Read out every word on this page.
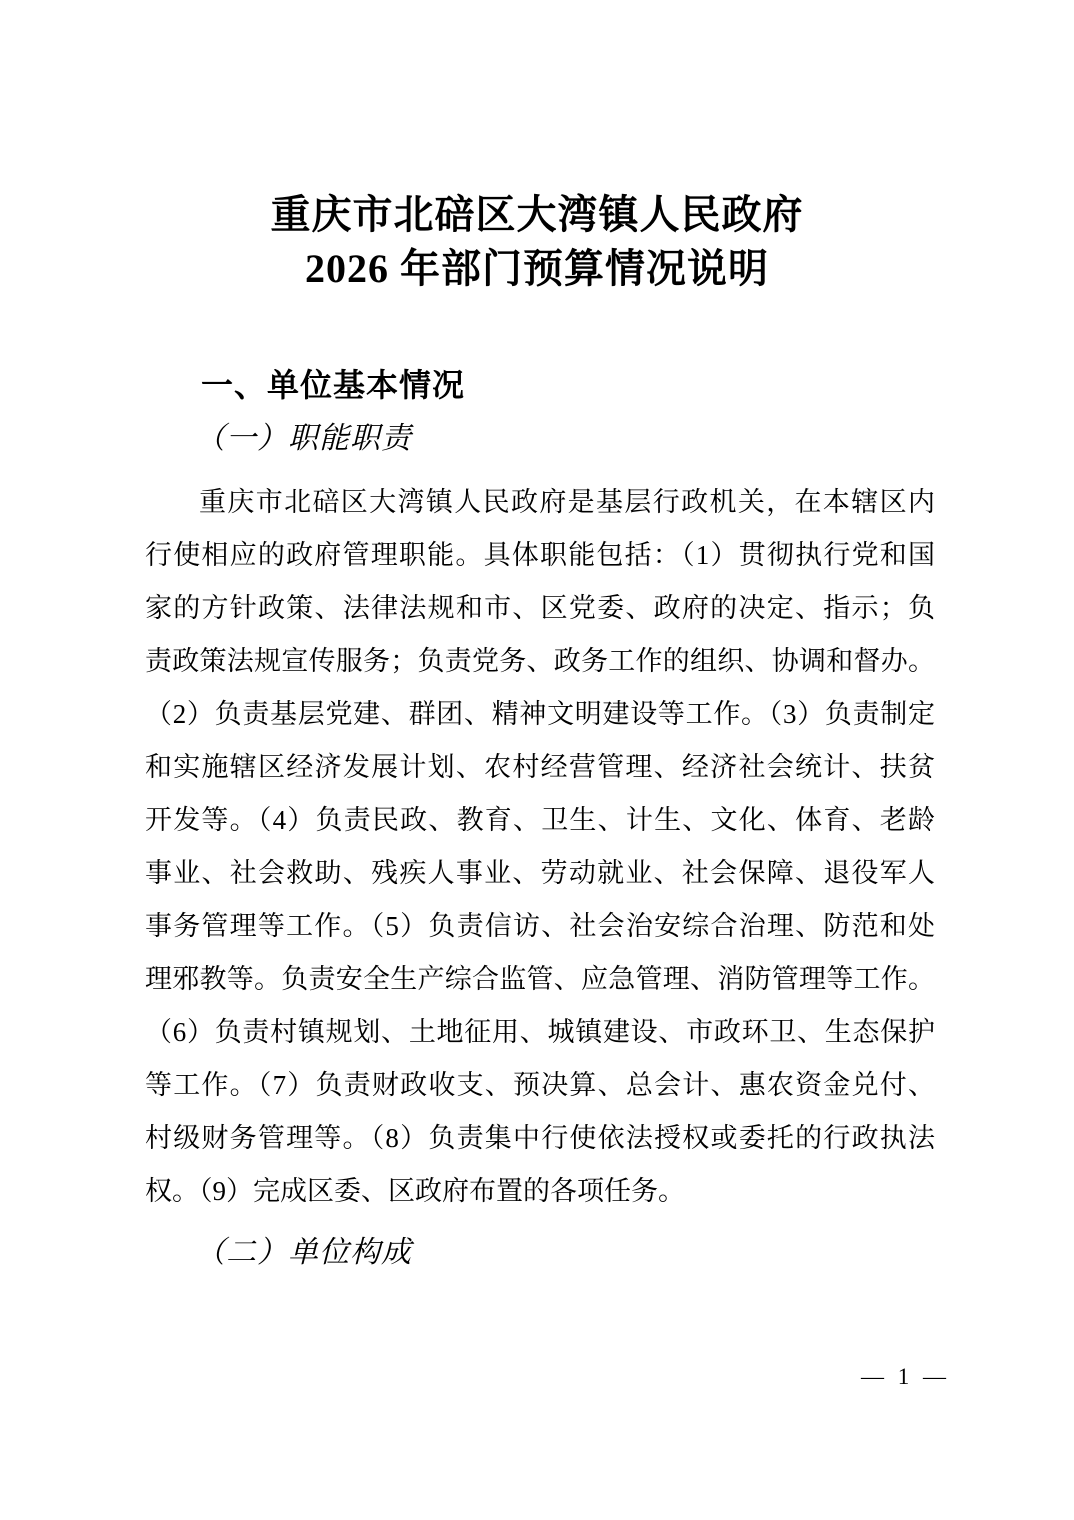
重庆市北碚区大湾镇人民政府
2026 年部门预算情况说明
一、单位基本情况
（一）职能职责
重庆市北碚区大湾镇人民政府是基层行政机关，在本辖区内
行使相应的政府管理职能。具体职能包括：（1）贯彻执行党和国
家的方针政策、法律法规和市、区党委、政府的决定、指示；负
责政策法规宣传服务；负责党务、政务工作的组织、协调和督办。
（2）负责基层党建、群团、精神文明建设等工作。（3）负责制定
和实施辖区经济发展计划、农村经营管理、经济社会统计、扶贫
开发等。（4）负责民政、教育、卫生、计生、文化、体育、老龄
事业、社会救助、残疾人事业、劳动就业、社会保障、退役军人
事务管理等工作。（5）负责信访、社会治安综合治理、防范和处
理邪教等。负责安全生产综合监管、应急管理、消防管理等工作。
（6）负责村镇规划、土地征用、城镇建设、市政环卫、生态保护
等工作。（7）负责财政收支、预决算、总会计、惠农资金兑付、
村级财务管理等。（8）负责集中行使依法授权或委托的行政执法
权。（9）完成区委、区政府布置的各项任务。
（二）单位构成
— 1 —
